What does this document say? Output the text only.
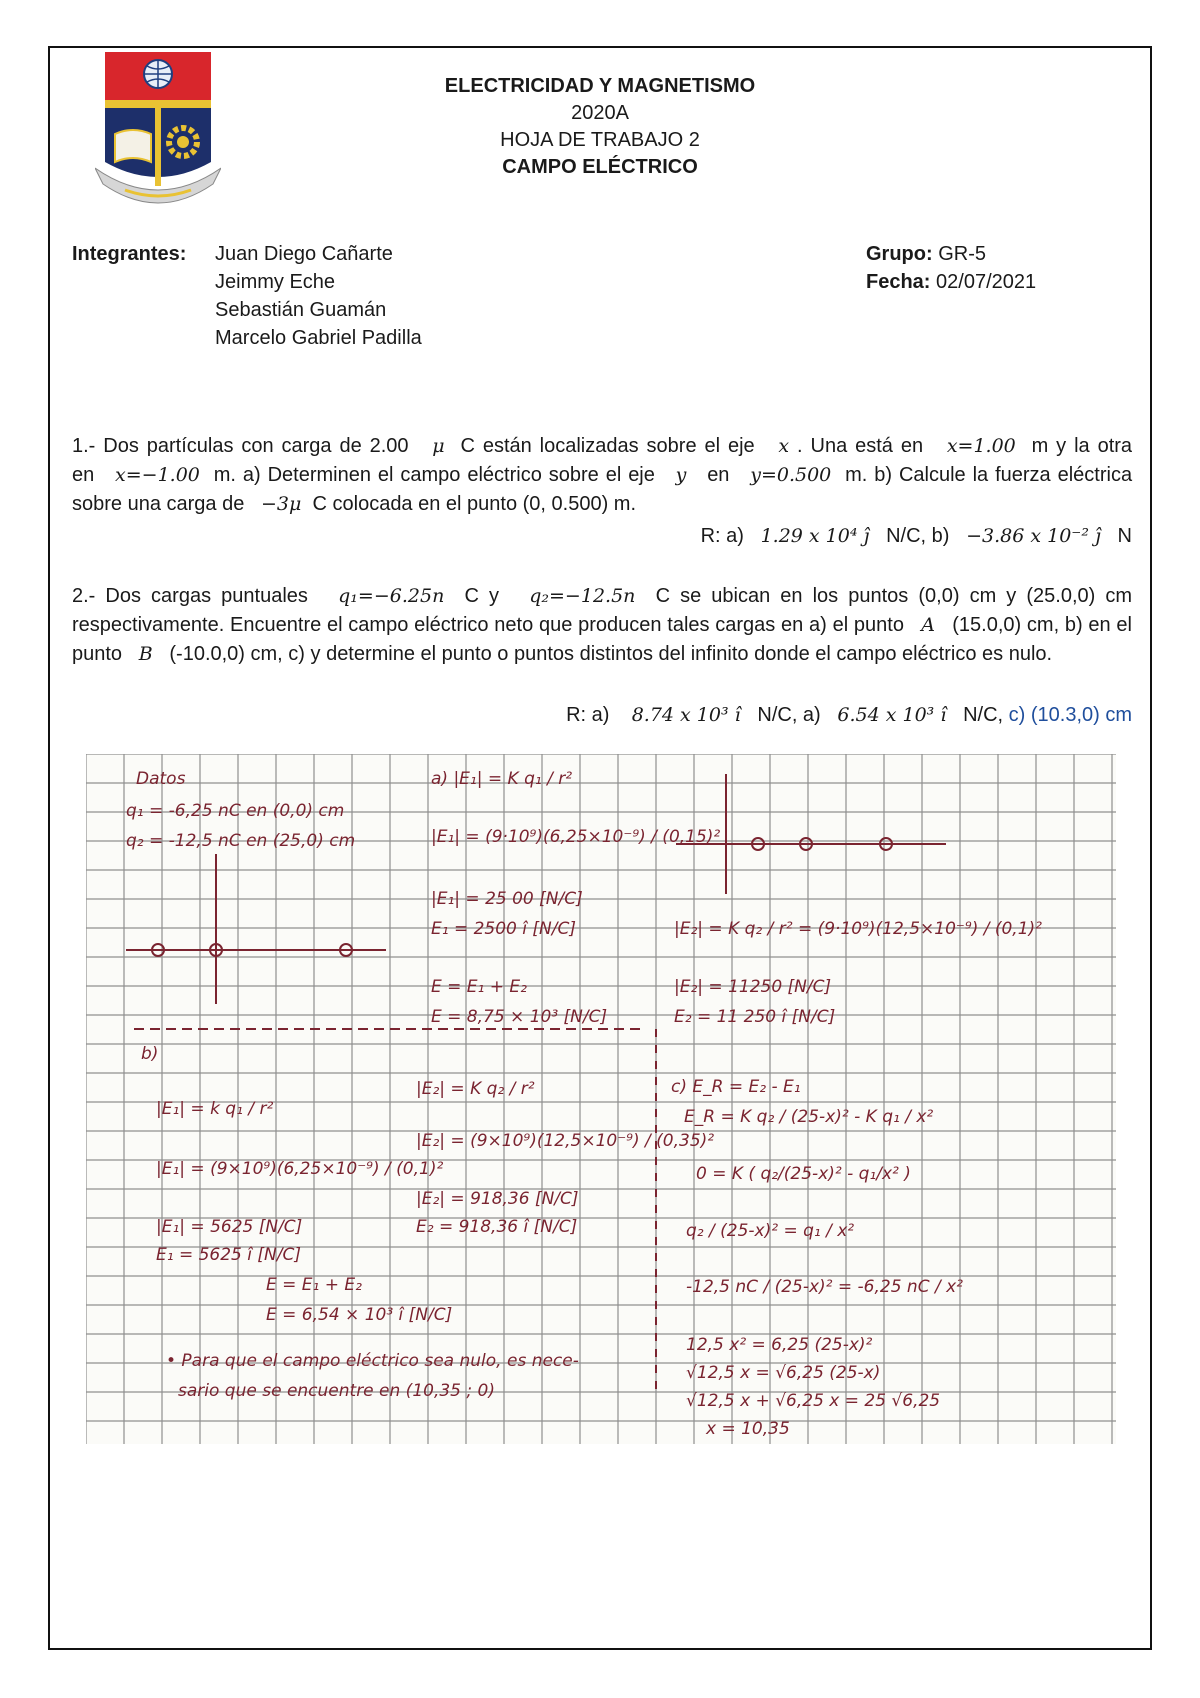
ELECTRICIDAD Y MAGNETISMO
2020A
HOJA DE TRABAJO 2
CAMPO ELÉCTRICO
Integrantes: Juan Diego Cañarte
Jeimmy Eche
Sebastián Guamán
Marcelo Gabriel Padilla
Grupo: GR-5
Fecha: 02/07/2021
1.- Dos partículas con carga de 2.00 μ C están localizadas sobre el eje x . Una está en x=1.00 m y la otra en x=−1.00 m. a) Determinen el campo eléctrico sobre el eje y en y=0.500 m. b) Calcule la fuerza eléctrica sobre una carga de −3μ C colocada en el punto (0, 0.500) m.
R: a) 1.29 x 10⁴ ĵ N/C, b) −3.86 x 10⁻² ĵ N
2.- Dos cargas puntuales q₁=−6.25n C y q₂=−12.5n C se ubican en los puntos (0,0) cm y (25.0,0) cm respectivamente. Encuentre el campo eléctrico neto que producen tales cargas en a) el punto A (15.0,0) cm, b) en el punto B (-10.0,0) cm, c) y determine el punto o puntos distintos del infinito donde el campo eléctrico es nulo.
R: a) 8.74 x 10³ î N/C, a) 6.54 x 10³ î N/C, c) (10.3,0) cm
Datos
q₁ = -6,25 nC en (0,0) cm
q₂ = -12,5 nC en (25,0) cm
a) |E₁| = K q₁ / r²
|E₁| = (9·10⁹)(6,25×10⁻⁹) / (0,15)²
|E₁| = 25 00 [N/C]
E₁ = 2500 î [N/C]
E = E₁ + E₂
E = 8,75 × 10³ [N/C]
|E₂| = K q₂ / r² = (9·10⁹)(12,5×10⁻⁹) / (0,1)²
|E₂| = 11250 [N/C]
E₂ = 11 250 î [N/C]
b)
|E₁| = k q₁ / r²
|E₁| = (9×10⁹)(6,25×10⁻⁹) / (0,1)²
|E₁| = 5625 [N/C]
E₁ = 5625 î [N/C]
E = E₁ + E₂
E = 6,54 × 10³ î [N/C]
|E₂| = K q₂ / r²
|E₂| = (9×10⁹)(12,5×10⁻⁹) / (0,35)²
|E₂| = 918,36 [N/C]
E₂ = 918,36 î [N/C]
c) E_R = E₂ - E₁
E_R = K q₂ / (25-x)² - K q₁ / x²
0 = K ( q₂/(25-x)² - q₁/x² )
q₂ / (25-x)² = q₁ / x²
-12,5 nC / (25-x)² = -6,25 nC / x²
12,5 x² = 6,25 (25-x)²
√12,5 x = √6,25 (25-x)
√12,5 x + √6,25 x = 25 √6,25
x = 10,35
• Para que el campo eléctrico sea nulo, es nece-
sario que se encuentre en (10,35 ; 0)
